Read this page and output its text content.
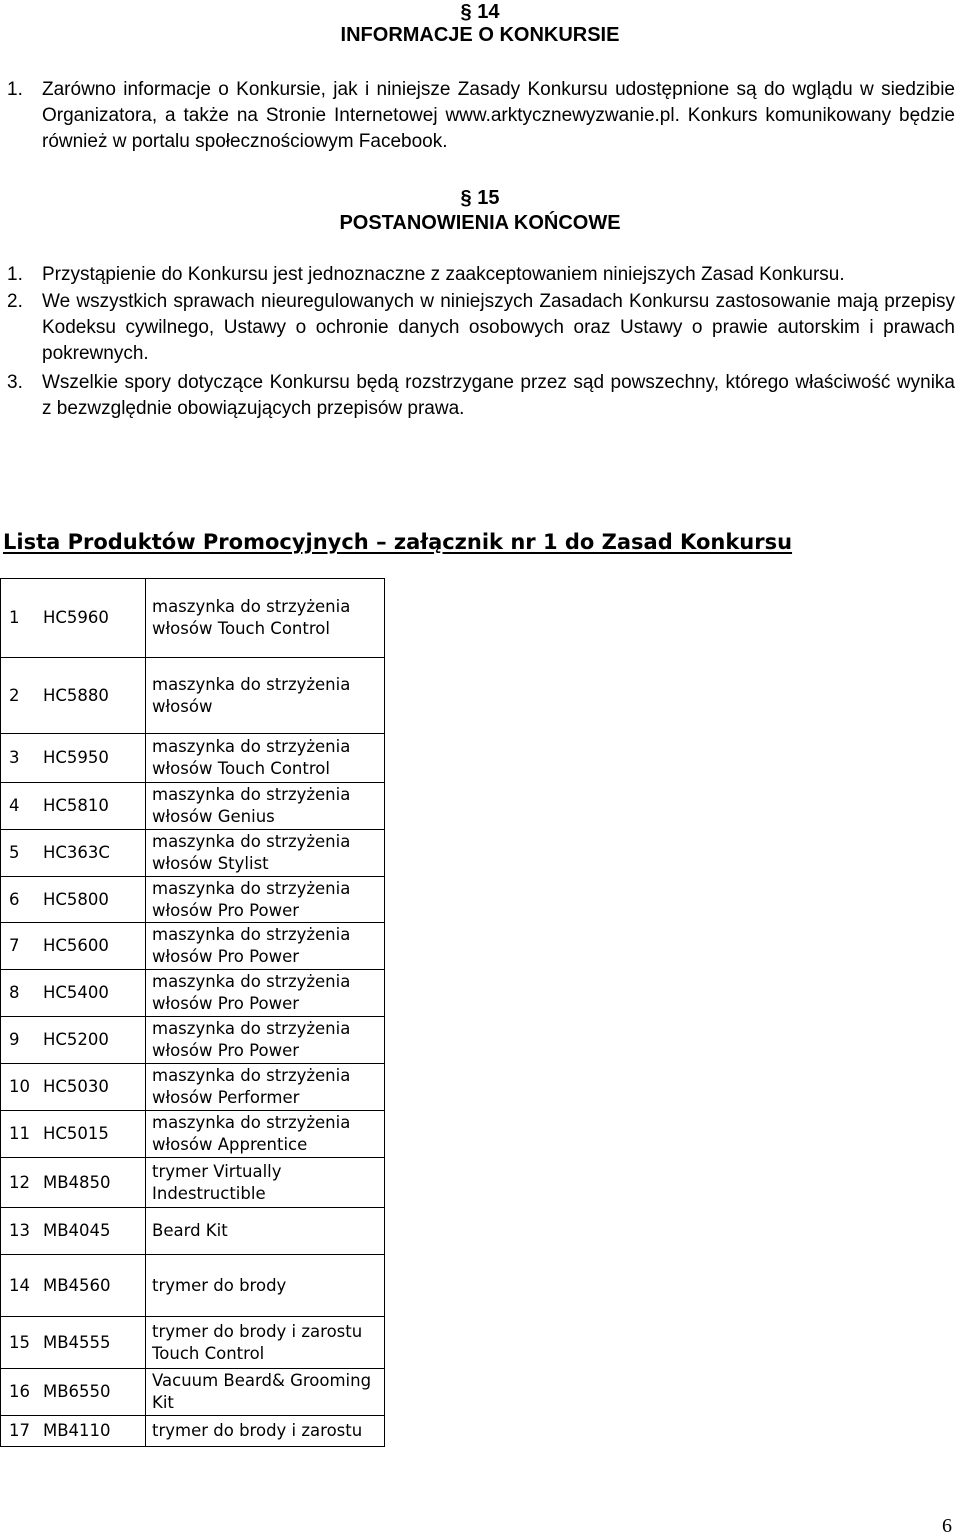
§ 14
INFORMACJE O KONKURSIE
1. Zarówno informacje o Konkursie, jak i niniejsze Zasady Konkursu udostępnione są do wglądu w siedzibie Organizatora, a także na Stronie Internetowej www.arktycznewyzwanie.pl. Konkurs komunikowany będzie również w portalu społecznościowym Facebook.
§ 15
POSTANOWIENIA KOŃCOWE
1. Przystąpienie do Konkursu jest jednoznaczne z zaakceptowaniem niniejszych Zasad Konkursu.
2. We wszystkich sprawach nieuregulowanych w niniejszych Zasadach Konkursu zastosowanie mają przepisy Kodeksu cywilnego, Ustawy o ochronie danych osobowych oraz Ustawy o prawie autorskim i prawach pokrewnych.
3. Wszelkie spory dotyczące Konkursu będą rozstrzygane przez sąd powszechny, którego właściwość wynika z bezwzględnie obowiązujących przepisów prawa.
Lista Produktów Promocyjnych – załącznik nr 1 do Zasad Konkursu
1 HC5960	maszynka do strzyżenia włosów Touch Control

2 HC5880	maszynka do strzyżenia włosów

3 HC5950	maszynka do strzyżenia włosów Touch Control

4 HC5810	maszynka do strzyżenia włosów Genius

5 HC363C	maszynka do strzyżenia włosów Stylist

6 HC5800	maszynka do strzyżenia włosów Pro Power

7 HC5600	maszynka do strzyżenia włosów Pro Power

8 HC5400	maszynka do strzyżenia włosów Pro Power

9 HC5200	maszynka do strzyżenia włosów Pro Power

10 HC5030	maszynka do strzyżenia włosów Performer

11 HC5015	maszynka do strzyżenia włosów Apprentice

12 MB4850	trymer Virtually Indestructible

13 MB4045	Beard Kit

14 MB4560	trymer do brody

15 MB4555	trymer do brody i zarostu Touch Control

16 MB6550	Vacuum Beard& Grooming Kit

17 MB4110	trymer do brody i zarostu
6
